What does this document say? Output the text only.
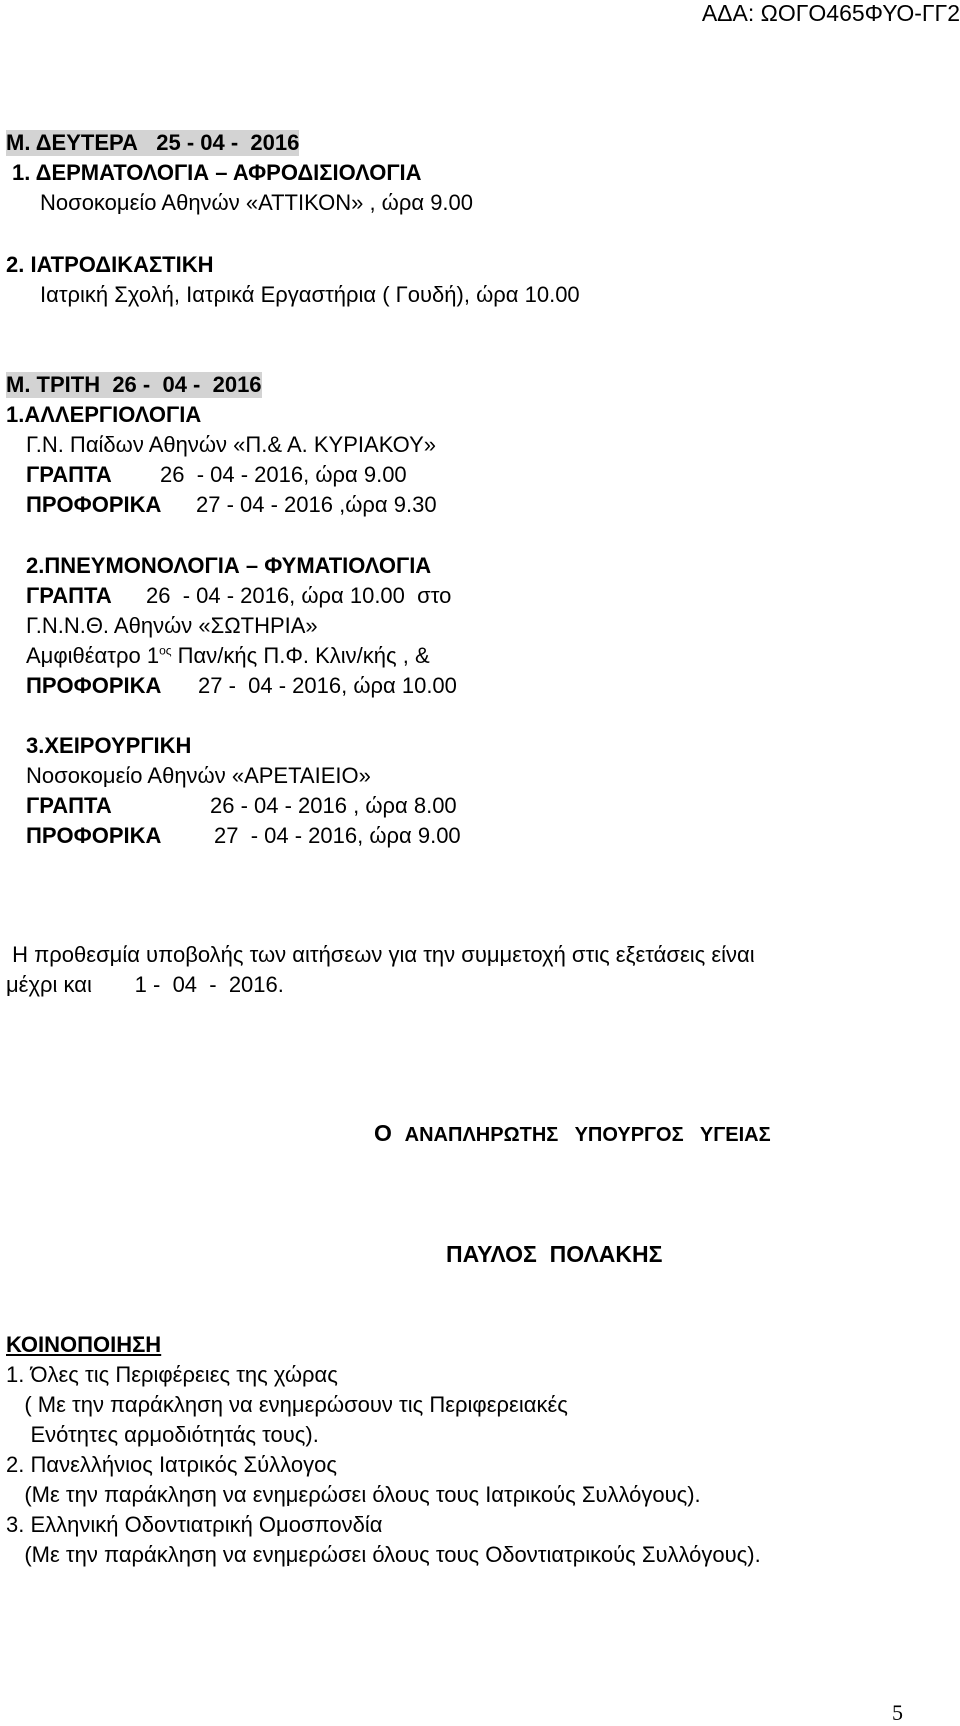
ΑΔΑ: ΩΟΓΟ465ΦΥΟ-ΓΓ2
Μ. ΔΕΥΤΕΡΑ   25 - 04 -  2016
1. ΔΕΡΜΑΤΟΛΟΓΙΑ – ΑΦΡΟΔΙΣΙΟΛΟΓΙΑ
Νοσοκομείο Αθηνών «ΑΤΤΙΚΟΝ» , ώρα 9.00
2. ΙΑΤΡΟΔΙΚΑΣΤΙΚΗ
Ιατρική Σχολή, Ιατρικά Εργαστήρια ( Γουδή), ώρα 10.00
Μ. ΤΡΙΤΗ  26 -  04 -  2016
1.ΑΛΛΕΡΓΙΟΛΟΓΙΑ
Γ.Ν. Παίδων Αθηνών «Π.& Α. ΚΥΡΙΑΚΟΥ»
ΓΡΑΠΤΑ 26  - 04 - 2016, ώρα 9.00
ΠΡΟΦΟΡΙΚΑ 27 - 04 - 2016 ,ώρα 9.30
2.ΠΝΕΥΜΟΝΟΛΟΓΙΑ – ΦΥΜΑΤΙΟΛΟΓΙΑ
ΓΡΑΠΤΑ 26  - 04 - 2016, ώρα 10.00  στο
Γ.Ν.Ν.Θ. Αθηνών «ΣΩΤΗΡΙΑ»
Αμφιθέατρο $1^{o\varsigma}$ Παν/κής Π.Φ. Κλιν/κής , &
ΠΡΟΦΟΡΙΚΑ 27 -  04 - 2016, ώρα 10.00
3.ΧΕΙΡΟΥΡΓΙΚΗ
Νοσοκομείο Αθηνών «ΑΡΕΤΑΙΕΙΟ»
ΓΡΑΠΤΑ	26 - 04 - 2016 , ώρα 8.00
ΠΡΟΦΟΡΙΚΑ 27  - 04 - 2016, ώρα 9.00
Η προθεσμία υποβολής των αιτήσεων για την συμμετοχή στις εξετάσεις είναι
μέχρι και       1 -  04  -  2016.
Ο ΑΝΑΠΛΗΡΩΤΗΣ   ΥΠΟΥΡΓΟΣ   ΥΓΕΙΑΣ
ΠΑΥΛΟΣ  ΠΟΛΑΚΗΣ
ΚΟΙΝΟΠΟΙΗΣΗ
1. Όλες τις Περιφέρειες της χώρας
( Με την παράκληση να ενημερώσουν τις Περιφερειακές
Ενότητες αρμοδιότητάς τους).
2. Πανελλήνιος Ιατρικός Σύλλογος
(Με την παράκληση να ενημερώσει όλους τους Ιατρικούς Συλλόγους).
3. Ελληνική Οδοντιατρική Ομοσπονδία
(Με την παράκληση να ενημερώσει όλους τους Οδοντιατρικούς Συλλόγους).
5
